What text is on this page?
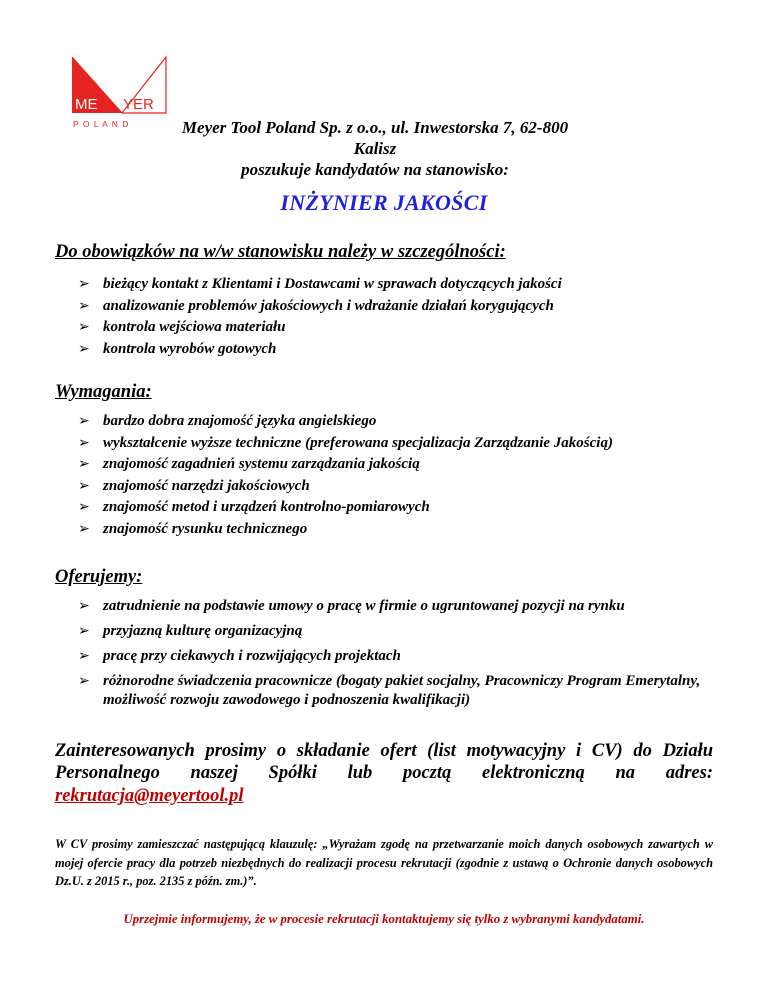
ME YER
P O L A N D	Meyer Tool Poland Sp. z o.o., ul. Inwestorska 7, 62-800 Kalisz
poszukuje kandydatów na stanowisko:
INŻYNIER JAKOŚCI
Do obowiązków na w/w stanowisku należy w szczególności:
➢ bieżący kontakt z Klientami i Dostawcami w sprawach dotyczących jakości
➢ analizowanie problemów jakościowych i wdrażanie działań korygujących
➢ kontrola wejściowa materiału
➢ kontrola wyrobów gotowych
Wymagania:
➢ bardzo dobra znajomość języka angielskiego
➢ wykształcenie wyższe techniczne (preferowana specjalizacja Zarządzanie Jakością)
➢ znajomość zagadnień systemu zarządzania jakością
➢ znajomość narzędzi jakościowych
➢ znajomość metod i urządzeń kontrolno-pomiarowych
➢ znajomość rysunku technicznego
Oferujemy:
➢ zatrudnienie na podstawie umowy o pracę w firmie o ugruntowanej pozycji na rynku
➢ przyjazną kulturę organizacyjną
➢ pracę przy ciekawych i rozwijających projektach
➢ różnorodne świadczenia pracownicze (bogaty pakiet socjalny, Pracowniczy Program Emerytalny, możliwość rozwoju zawodowego i podnoszenia kwalifikacji)
Zainteresowanych prosimy o składanie ofert (list motywacyjny i CV) do Działu Personalnego naszej Spółki lub pocztą elektroniczną na adres:
rekrutacja@meyertool.pl
W CV prosimy zamieszczać następującą klauzulę: „Wyrażam zgodę na przetwarzanie moich danych osobowych zawartych w mojej ofercie pracy dla potrzeb niezbędnych do realizacji procesu rekrutacji (zgodnie z ustawą o Ochronie danych osobowych Dz.U. z 2015 r., poz. 2135 z późn. zm.)”.
Uprzejmie informujemy, że w procesie rekrutacji kontaktujemy się tylko z wybranymi kandydatami.
